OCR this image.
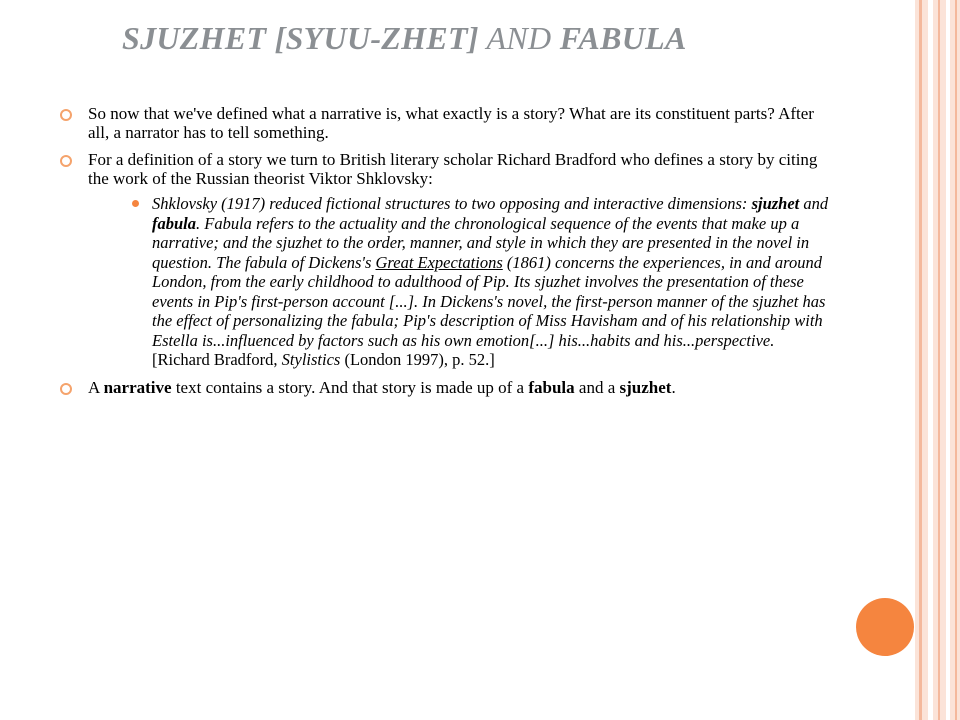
SJUZHET [SYUU-ZHET] AND FABULA
So now that we've defined what a narrative is, what exactly is a story? What are its constituent parts? After all, a narrator has to tell something.
For a definition of a story we turn to British literary scholar Richard Bradford who defines a story by citing the work of the Russian theorist Viktor Shklovsky:
Shklovsky (1917) reduced fictional structures to two opposing and interactive dimensions: sjuzhet and fabula. Fabula refers to the actuality and the chronological sequence of the events that make up a narrative; and the sjuzhet to the order, manner, and style in which they are presented in the novel in question. The fabula of Dickens's Great Expectations (1861) concerns the experiences, in and around London, from the early childhood to adulthood of Pip. Its sjuzhet involves the presentation of these events in Pip's first-person account [...]. In Dickens's novel, the first-person manner of the sjuzhet has the effect of personalizing the fabula; Pip's description of Miss Havisham and of his relationship with Estella is...influenced by factors such as his own emotion[...] his...habits and his...perspective. [Richard Bradford, Stylistics (London 1997), p. 52.]
A narrative text contains a story. And that story is made up of a fabula and a sjuzhet.
